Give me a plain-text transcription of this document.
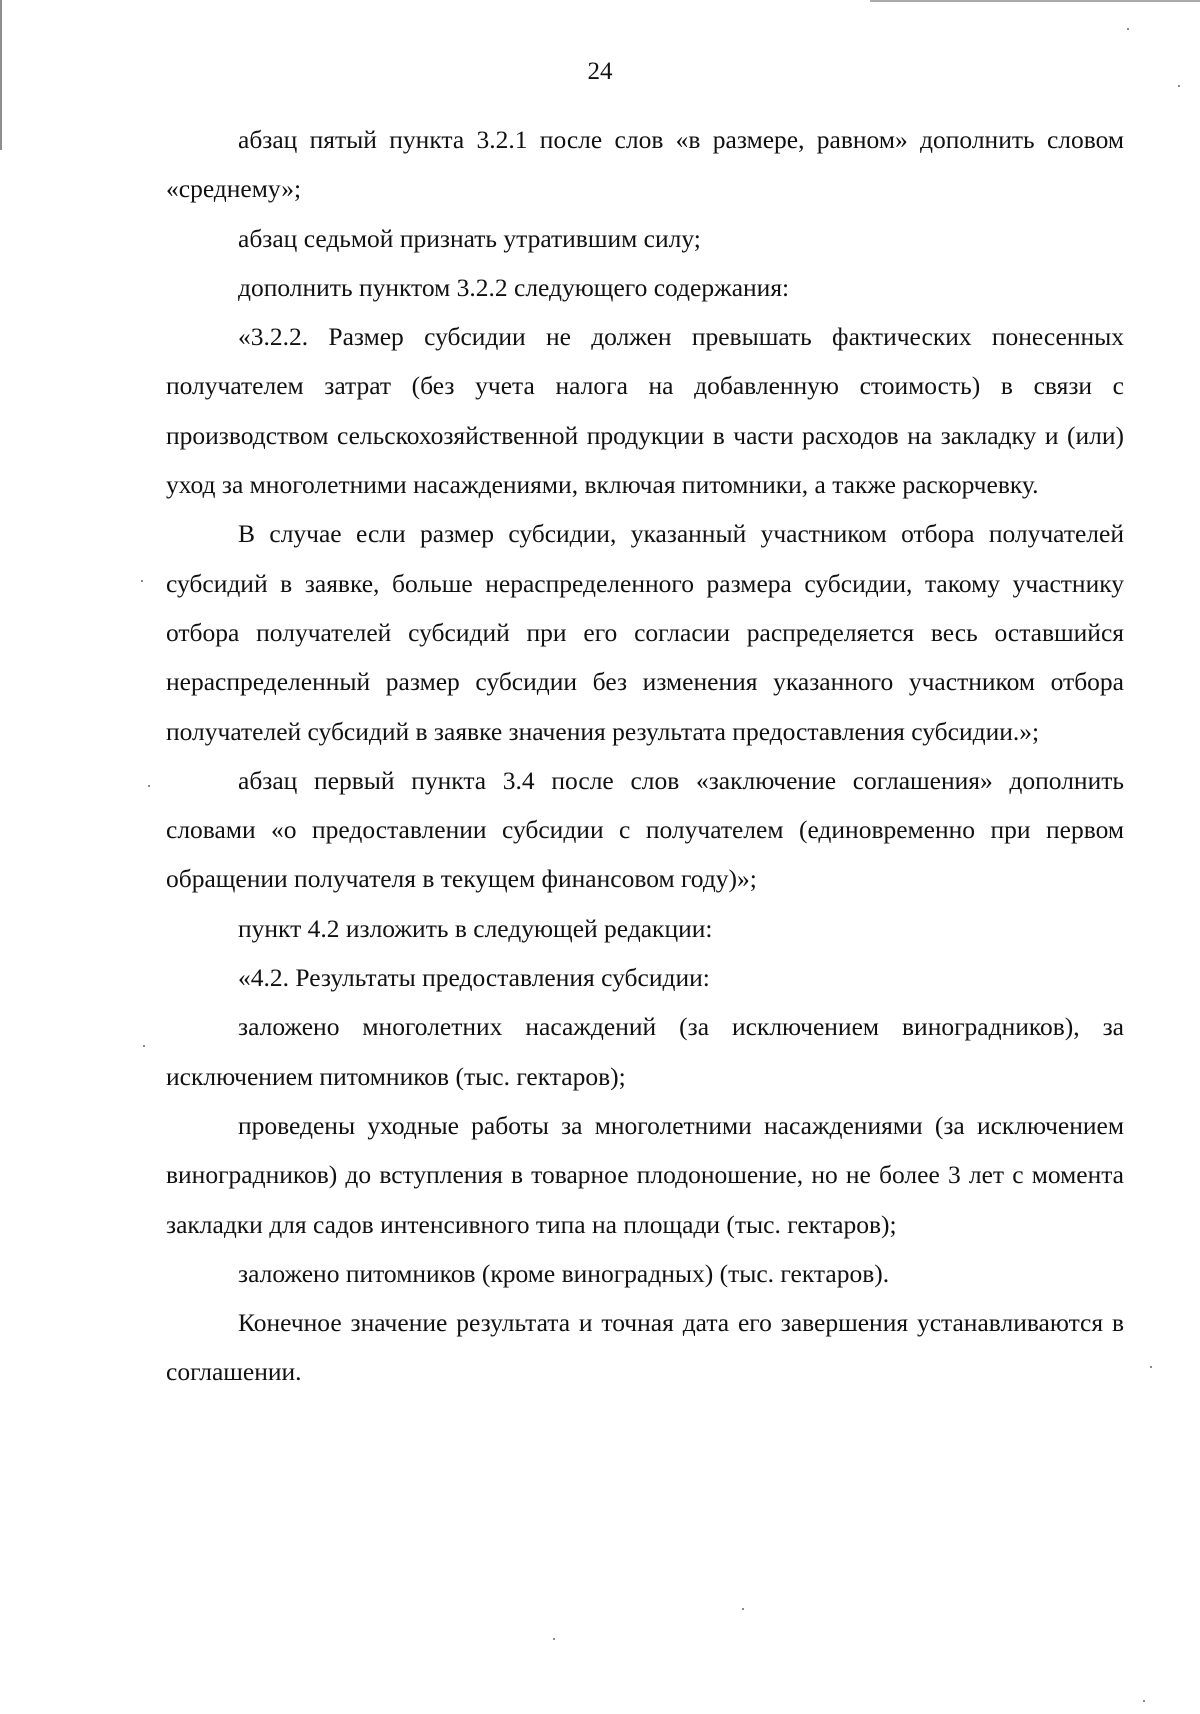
24

абзац пятый пункта 3.2.1 после слов «в размере, равном» дополнить словом «среднему»;

абзац седьмой признать утратившим силу;

дополнить пунктом 3.2.2 следующего содержания:

«3.2.2. Размер субсидии не должен превышать фактических понесенных получателем затрат (без учета налога на добавленную стоимость) в связи с производством сельскохозяйственной продукции в части расходов на закладку и (или) уход за многолетними насаждениями, включая питомники, а также раскорчевку.

В случае если размер субсидии, указанный участником отбора получателей субсидий в заявке, больше нераспределенного размера субсидии, такому участнику отбора получателей субсидий при его согласии распределяется весь оставшийся нераспределенный размер субсидии без изменения указанного участником отбора получателей субсидий в заявке значения результата предоставления субсидии.»;

абзац первый пункта 3.4 после слов «заключение соглашения» дополнить словами «о предоставлении субсидии с получателем (единовременно при первом обращении получателя в текущем финансовом году)»;

пункт 4.2 изложить в следующей редакции:

«4.2. Результаты предоставления субсидии:

заложено многолетних насаждений (за исключением виноградников), за исключением питомников (тыс. гектаров);

проведены уходные работы за многолетними насаждениями (за исключением виноградников) до вступления в товарное плодоношение, но не более 3 лет с момента закладки для садов интенсивного типа на площади (тыс. гектаров);

заложено питомников (кроме виноградных) (тыс. гектаров).

Конечное значение результата и точная дата его завершения устанавливаются в соглашении.
